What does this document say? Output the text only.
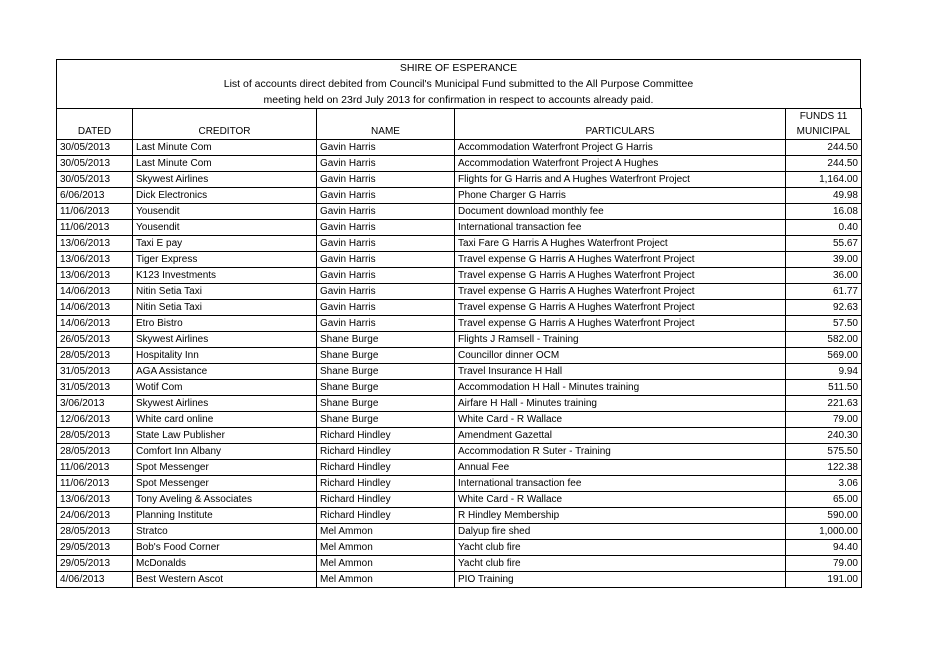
SHIRE OF ESPERANCE
List of accounts direct debited from Council's Municipal Fund submitted to the All Purpose Committee
meeting held on 23rd July 2013 for confirmation in respect to accounts already paid.
				FUNDS 11
DATED	CREDITOR	NAME	PARTICULARS	MUNICIPAL
30/05/2013	Last Minute Com	Gavin Harris	Accommodation Waterfront Project G Harris	244.50
30/05/2013	Last Minute Com	Gavin Harris	Accommodation Waterfront Project A Hughes	244.50
30/05/2013	Skywest Airlines	Gavin Harris	Flights for G Harris and A Hughes Waterfront Project	1,164.00
6/06/2013	Dick Electronics	Gavin Harris	Phone Charger G Harris	49.98
11/06/2013	Yousendit	Gavin Harris	Document download monthly fee	16.08
11/06/2013	Yousendit	Gavin Harris	International transaction fee	0.40
13/06/2013	Taxi E pay	Gavin Harris	Taxi Fare G Harris A Hughes Waterfront Project	55.67
13/06/2013	Tiger Express	Gavin Harris	Travel expense G Harris A Hughes Waterfront Project	39.00
13/06/2013	K123 Investments	Gavin Harris	Travel expense G Harris A Hughes Waterfront Project	36.00
14/06/2013	Nitin Setia Taxi	Gavin Harris	Travel expense G Harris A Hughes Waterfront Project	61.77
14/06/2013	Nitin Setia Taxi	Gavin Harris	Travel expense G Harris A Hughes Waterfront Project	92.63
14/06/2013	Etro Bistro	Gavin Harris	Travel expense G Harris A Hughes Waterfront Project	57.50
26/05/2013	Skywest Airlines	Shane Burge	Flights J Ramsell - Training	582.00
28/05/2013	Hospitality Inn	Shane Burge	Councillor dinner OCM	569.00
31/05/2013	AGA Assistance	Shane Burge	Travel Insurance H Hall	9.94
31/05/2013	Wotif Com	Shane Burge	Accommodation H Hall - Minutes training	511.50
3/06/2013	Skywest Airlines	Shane Burge	Airfare H Hall - Minutes training	221.63
12/06/2013	White card online	Shane Burge	White Card - R Wallace	79.00
28/05/2013	State Law Publisher	Richard Hindley	Amendment Gazettal	240.30
28/05/2013	Comfort Inn Albany	Richard Hindley	Accommodation R Suter - Training	575.50
11/06/2013	Spot Messenger	Richard Hindley	Annual Fee	122.38
11/06/2013	Spot Messenger	Richard Hindley	International transaction fee	3.06
13/06/2013	Tony Aveling & Associates	Richard Hindley	White Card - R Wallace	65.00
24/06/2013	Planning Institute	Richard Hindley	R Hindley Membership	590.00
28/05/2013	Stratco	Mel Ammon	Dalyup fire shed	1,000.00
29/05/2013	Bob's Food Corner	Mel Ammon	Yacht club fire	94.40
29/05/2013	McDonalds	Mel Ammon	Yacht club fire	79.00
4/06/2013	Best Western Ascot	Mel Ammon	PIO Training	191.00
